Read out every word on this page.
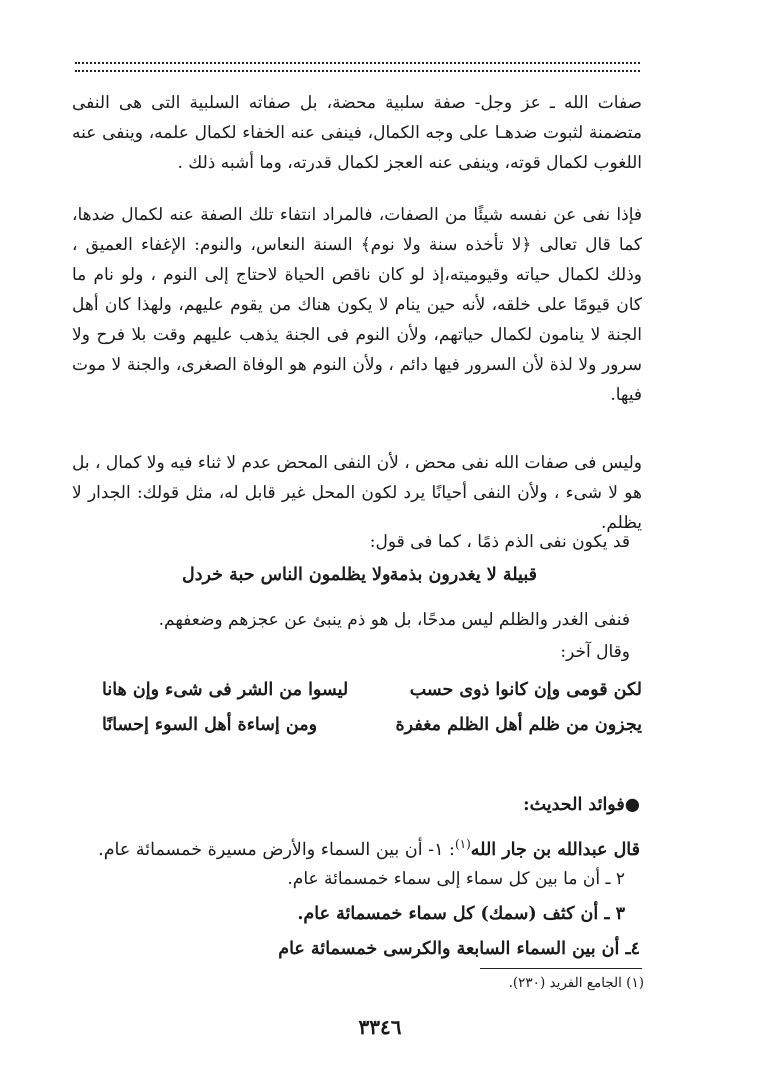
صفات الله ـ عز وجل- صفة سلبية محضة، بل صفاته السلبية التى هى النفى متضمنة لثبوت ضدهـا على وجه الكمال، فينفى عنه الخفاء لكمال علمه، وينفى عنه اللغوب لكمال قوته، وينفى عنه العجز لكمال قدرته، وما أشبه ذلك .

فإذا نفى عن نفسه شيئًا من الصفات، فالمراد انتفاء تلك الصفة عنه لكمال ضدها، كما قال تعالى ﴿لا تأخذه سنة ولا نوم﴾ السنة النعاس، والنوم: الإغفاء العميق ، وذلك لكمال حياته وقيوميته،إذ لو كان ناقص الحياة لاحتاج إلى النوم ، ولو نام ما كان قيومًا على خلقه، لأنه حين ينام لا يكون هناك من يقوم عليهم، ولهذا كان أهل الجنة لا ينامون لكمال حياتهم، ولأن النوم فى الجنة يذهب عليهم وقت بلا فرح ولا سرور ولا لذة لأن السرور فيها دائم ، ولأن النوم هو الوفاة الصغرى، والجنة لا موت فيها.

وليس فى صفات الله نفى محض ، لأن النفى المحض عدم لا ثناء فيه ولا كمال ، بل هو لا شىء ، ولأن النفى أحيانًا يرد لكون المحل غير قابل له، مثل قولك: الجدار لا يظلم.

قد يكون نفى الذم ذمًا ، كما فى قول:

قبيلة لا يغدرون بذمة
ولا يظلمون الناس حبة خردل

فنفى الغدر والظلم ليس مدحًا، بل هو ذم ينبئ عن عجزهم وضعفهم.

وقال آخر:

لكن قومى وإن كانوا ذوى حسب
ليسوا من الشر فى شىء وإن هانا
يجزون من ظلم أهل الظلم مغفرة
ومن إساءة أهل السوء إحسانًا

●فوائد الحديث:

قال عبدالله بن جار الله$^{(١)}$: ١- أن بين السماء والأرض مسيرة خمسمائة عام.

٢ ـ أن ما بين كل سماء إلى سماء خمسمائة عام.

٣ ـ أن كثف (سمك) كل سماء خمسمائة عام.

٤ـ أن بين السماء السابعة والكرسى خمسمائة عام

(١) الجامع الفريد (٢٣٠).

٣٣٤٦
